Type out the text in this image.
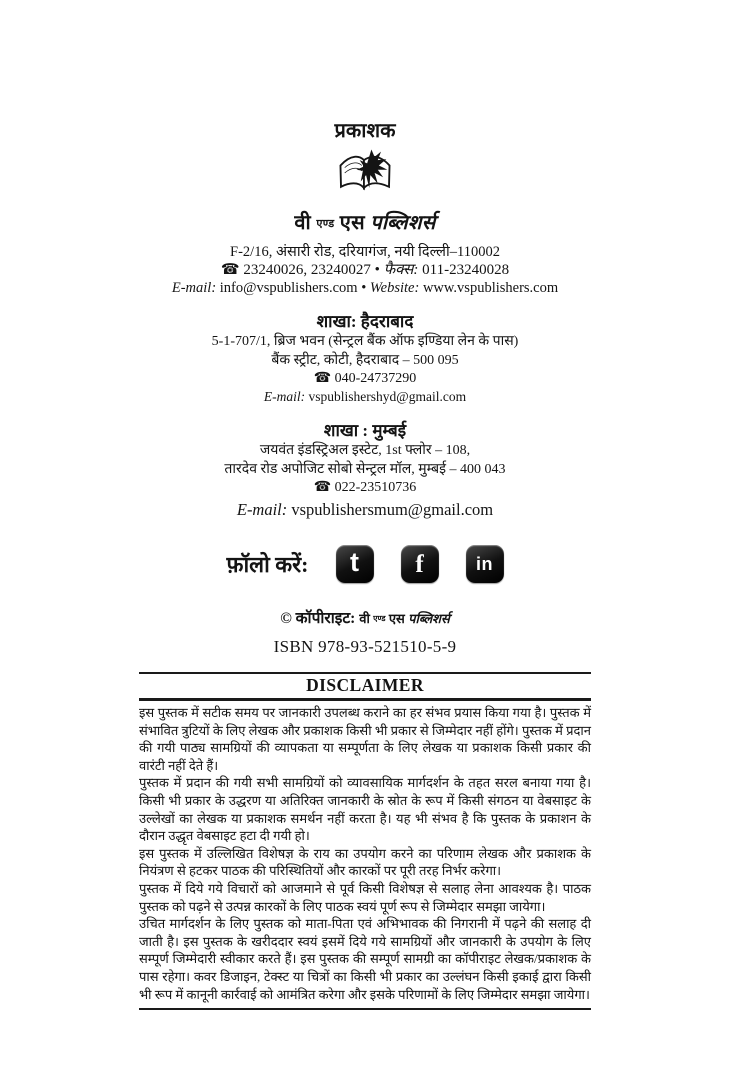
प्रकाशक
वी एण्ड एस पब्लिशर्स
F-2/16, अंसारी रोड, दरियागंज, नयी दिल्ली–110002
☎ 23240026, 23240027 • फैक्स: 011-23240028
E-mail: info@vspublishers.com • Website: www.vspublishers.com
शाखा: हैदराबाद
5-1-707/1, ब्रिज भवन (सेन्ट्रल बैंक ऑफ इण्डिया लेन के पास)
बैंक स्ट्रीट, कोटी, हैदराबाद – 500 095
☎ 040-24737290
E-mail: vspublishershyd@gmail.com
शाखा : मुम्बई
जयवंत इंडस्ट्रिअल इस्टेट, 1st फ्लोर – 108,
तारदेव रोड अपोजिट सोबो सेन्ट्रल मॉल, मुम्बई – 400 043
☎ 022-23510736
E-mail: vspublishersmum@gmail.com
फ़ॉलो करें: t f	in
© कॉपीराइट: वी एण्ड एस पब्लिशर्स
ISBN 978-93-521510-5-9
DISCLAIMER

इस पुस्तक में सटीक समय पर जानकारी उपलब्ध कराने का हर संभव प्रयास किया गया है। पुस्तक में संभावित त्रुटियों के लिए लेखक और प्रकाशक किसी भी प्रकार से जिम्मेदार नहीं होंगे। पुस्तक में प्रदान की गयी पाठ्य सामग्रियों की व्यापकता या सम्पूर्णता के लिए लेखक या प्रकाशक किसी प्रकार की वारंटी नहीं देते हैं।

पुस्तक में प्रदान की गयी सभी सामग्रियों को व्यावसायिक मार्गदर्शन के तहत सरल बनाया गया है। किसी भी प्रकार के उद्धरण या अतिरिक्त जानकारी के स्रोत के रूप में किसी संगठन या वेबसाइट के उल्लेखों का लेखक या प्रकाशक समर्थन नहीं करता है। यह भी संभव है कि पुस्तक के प्रकाशन के दौरान उद्धृत वेबसाइट हटा दी गयी हो।

इस पुस्तक में उल्लिखित विशेषज्ञ के राय का उपयोग करने का परिणाम लेखक और प्रकाशक के नियंत्रण से हटकर पाठक की परिस्थितियों और कारकों पर पूरी तरह निर्भर करेगा।

पुस्तक में दिये गये विचारों को आजमाने से पूर्व किसी विशेषज्ञ से सलाह लेना आवश्यक है। पाठक पुस्तक को पढ़ने से उत्पन्न कारकों के लिए पाठक स्वयं पूर्ण रूप से जिम्मेदार समझा जायेगा।

उचित मार्गदर्शन के लिए पुस्तक को माता-पिता एवं अभिभावक की निगरानी में पढ़ने की सलाह दी जाती है। इस पुस्तक के खरीददार स्वयं इसमें दिये गये सामग्रियों और जानकारी के उपयोग के लिए सम्पूर्ण जिम्मेदारी स्वीकार करते हैं। इस पुस्तक की सम्पूर्ण सामग्री का कॉपीराइट लेखक/प्रकाशक के पास रहेगा। कवर डिजाइन, टेक्स्ट या चित्रों का किसी भी प्रकार का उल्लंघन किसी इकाई द्वारा किसी भी रूप में कानूनी कार्रवाई को आमंत्रित करेगा और इसके परिणामों के लिए जिम्मेदार समझा जायेगा।
